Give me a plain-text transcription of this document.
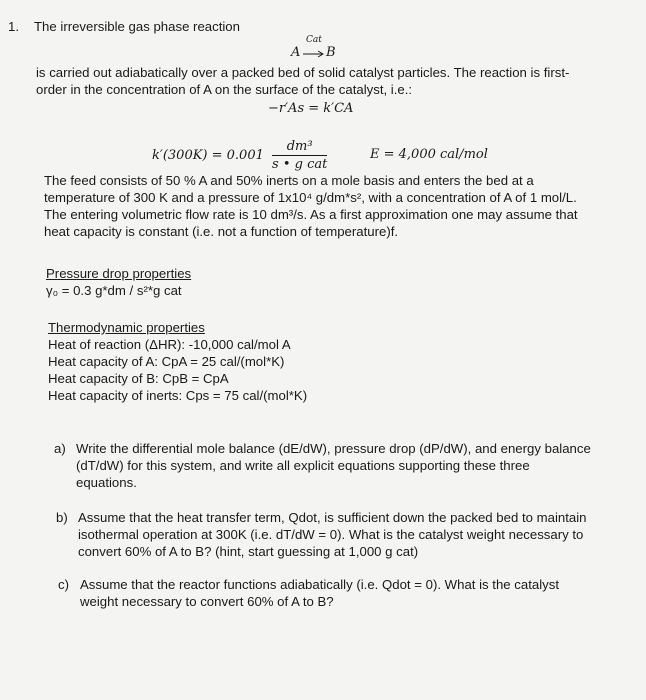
1. The irreversible gas phase reaction
A
Cat
→ B
is carried out adiabatically over a packed bed of solid catalyst particles. The reaction is first-
order in the concentration of A on the surface of the catalyst, i.e.:
−r′As = k′CA
$k'(300K) = 0.001 \frac{\text{dm³}}{\text{s • g cat}}$	E = 4,000 cal/mol
The feed consists of 50 % A and 50% inerts on a mole basis and enters the bed at a
temperature of 300 K and a pressure of 1x10⁴ g/dm*s², with a concentration of A of 1 mol/L.
The entering volumetric flow rate is 10 dm³/s. As a first approximation one may assume that
heat capacity is constant (i.e. not a function of temperature)f.
Pressure drop properties
γ₀ = 0.3 g*dm / s²*g cat
Thermodynamic properties
Heat of reaction (ΔHR): -10,000 cal/mol A
Heat capacity of A: CpA = 25 cal/(mol*K)
Heat capacity of B: CpB = CpA
Heat capacity of inerts: Cps = 75 cal/(mol*K)
a) Write the differential mole balance (dE/dW), pressure drop (dP/dW), and energy balance
(dT/dW) for this system, and write all explicit equations supporting these three
equations.
b) Assume that the heat transfer term, Qdot, is sufficient down the packed bed to maintain
isothermal operation at 300K (i.e. dT/dW = 0). What is the catalyst weight necessary to
convert 60% of A to B? (hint, start guessing at 1,000 g cat)
c) Assume that the reactor functions adiabatically (i.e. Qdot = 0). What is the catalyst
weight necessary to convert 60% of A to B?
